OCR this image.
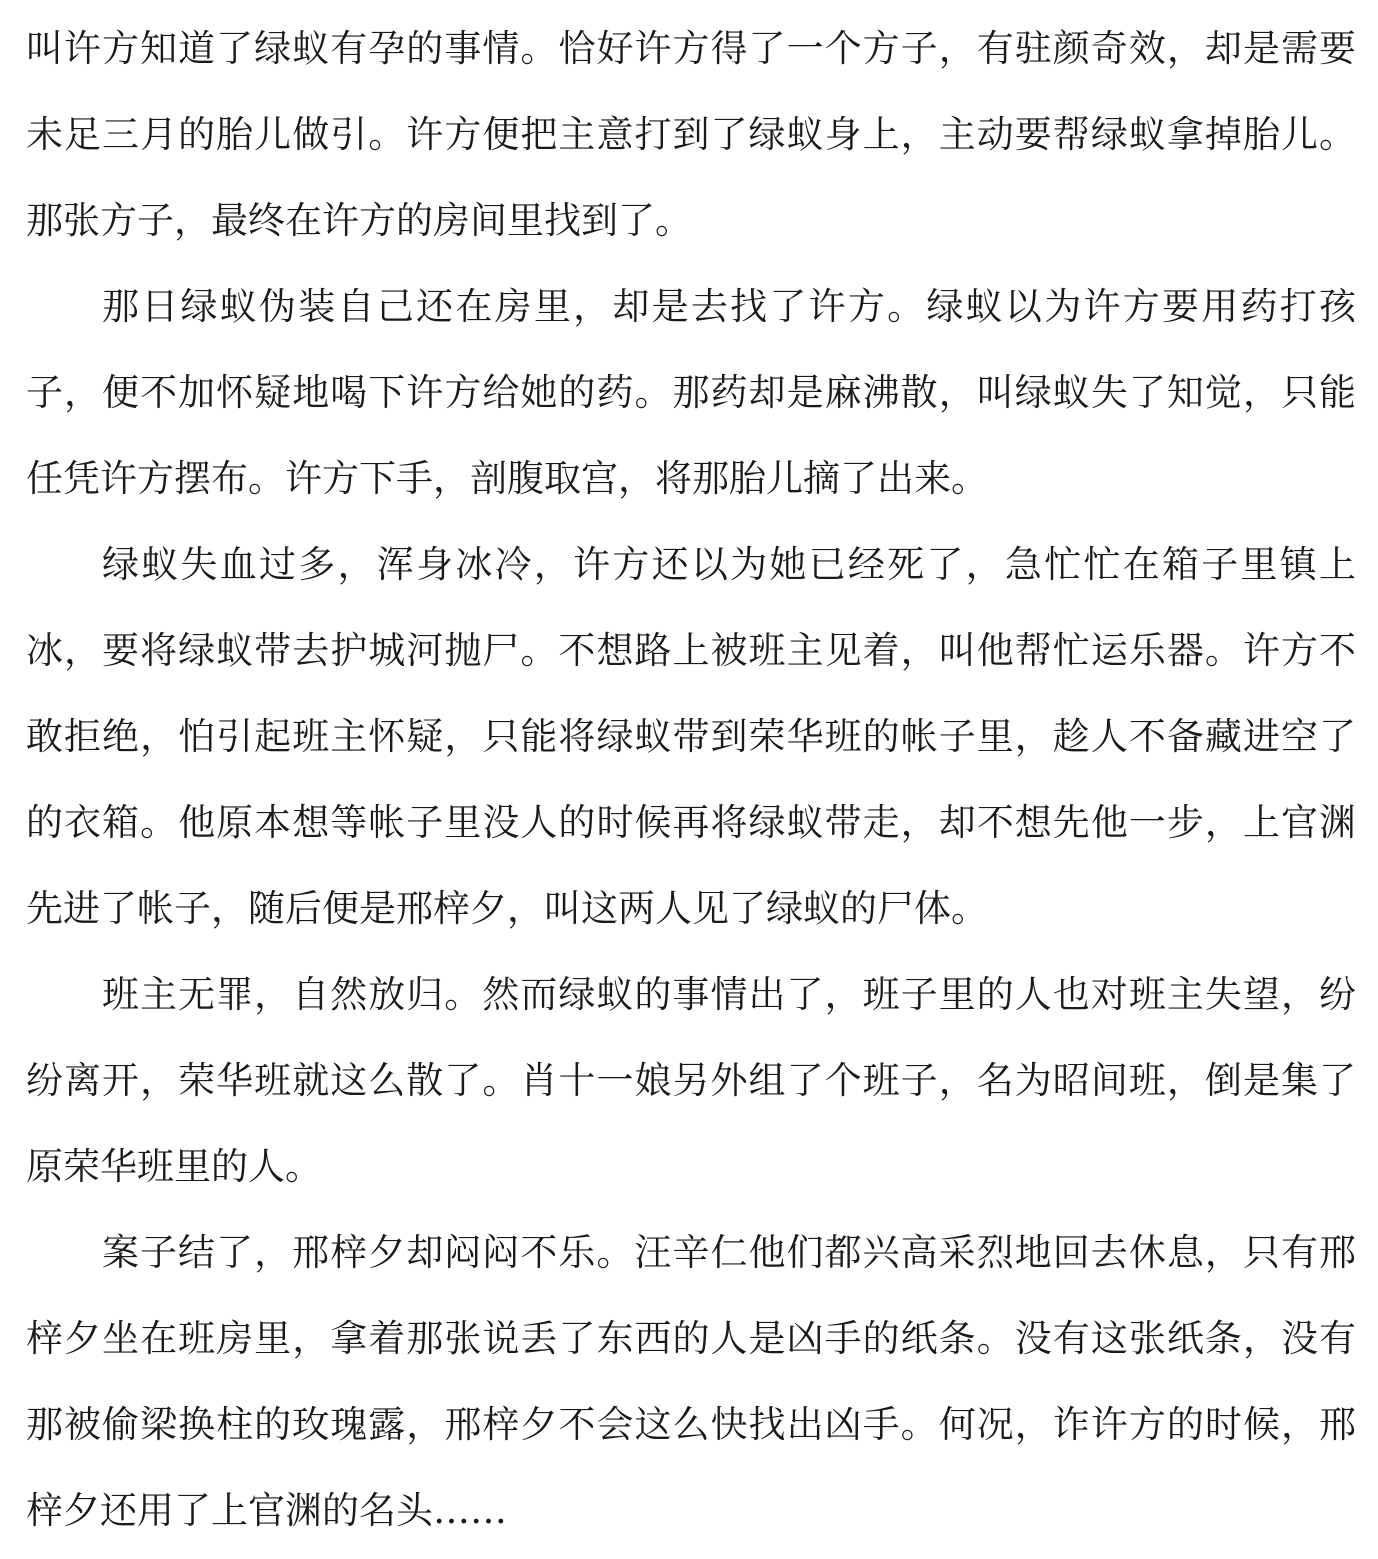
叫许方知道了绿蚁有孕的事情。恰好许方得了一个方子，有驻颜奇效，却是需要未足三月的胎儿做引。许方便把主意打到了绿蚁身上，主动要帮绿蚁拿掉胎儿。那张方子，最终在许方的房间里找到了。

那日绿蚁伪装自己还在房里，却是去找了许方。绿蚁以为许方要用药打孩子，便不加怀疑地喝下许方给她的药。那药却是麻沸散，叫绿蚁失了知觉，只能任凭许方摆布。许方下手，剖腹取宫，将那胎儿摘了出来。

绿蚁失血过多，浑身冰冷，许方还以为她已经死了，急忙忙在箱子里镇上冰，要将绿蚁带去护城河抛尸。不想路上被班主见着，叫他帮忙运乐器。许方不敢拒绝，怕引起班主怀疑，只能将绿蚁带到荣华班的帐子里，趁人不备藏进空了的衣箱。他原本想等帐子里没人的时候再将绿蚁带走，却不想先他一步，上官渊先进了帐子，随后便是邢梓夕，叫这两人见了绿蚁的尸体。

班主无罪，自然放归。然而绿蚁的事情出了，班子里的人也对班主失望，纷纷离开，荣华班就这么散了。肖十一娘另外组了个班子，名为昭间班，倒是集了原荣华班里的人。

案子结了，邢梓夕却闷闷不乐。汪辛仁他们都兴高采烈地回去休息，只有邢梓夕坐在班房里，拿着那张说丢了东西的人是凶手的纸条。没有这张纸条，没有那被偷梁换柱的玫瑰露，邢梓夕不会这么快找出凶手。何况，诈许方的时候，邢梓夕还用了上官渊的名头……
